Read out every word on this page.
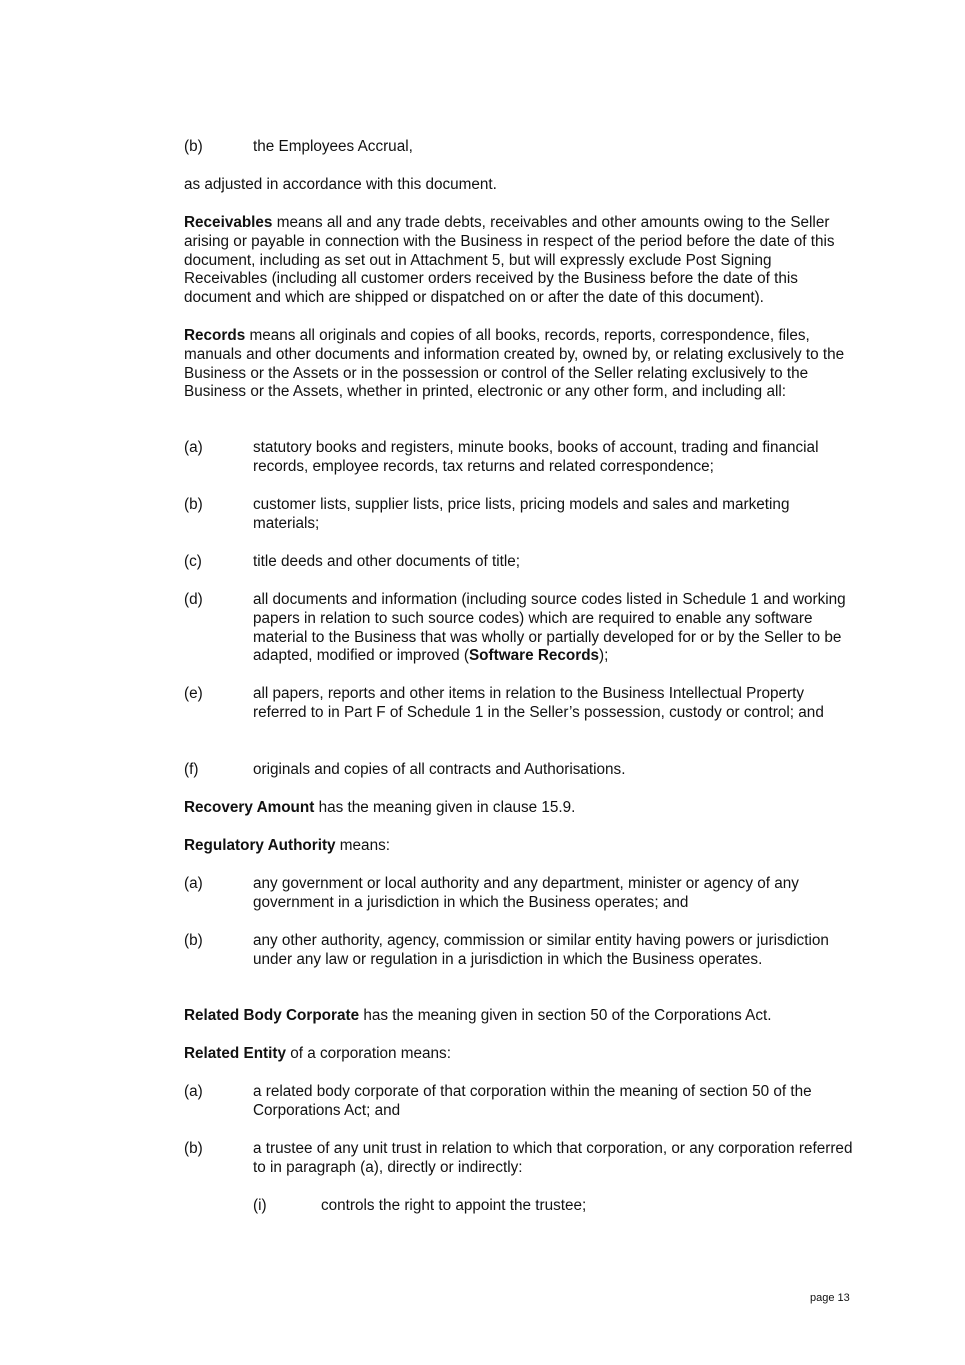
(b)	the Employees Accrual,

as adjusted in accordance with this document.

Receivables means all and any trade debts, receivables and other amounts owing to the Seller arising or payable in connection with the Business in respect of the period before the date of this document, including as set out in Attachment 5, but will expressly exclude Post Signing Receivables (including all customer orders received by the Business before the date of this document and which are shipped or dispatched on or after the date of this document).

Records means all originals and copies of all books, records, reports, correspondence, files, manuals and other documents and information created by, owned by, or relating exclusively to the Business or the Assets or in the possession or control of the Seller relating exclusively to the Business or the Assets, whether in printed, electronic or any other form, and including all:

(a)	statutory books and registers, minute books, books of account, trading and financial records, employee records, tax returns and related correspondence;
(b)	customer lists, supplier lists, price lists, pricing models and sales and marketing materials;
(c)	title deeds and other documents of title;
(d)	all documents and information (including source codes listed in Schedule 1 and working papers in relation to such source codes) which are required to enable any software material to the Business that was wholly or partially developed for or by the Seller to be adapted, modified or improved (Software Records);
(e)	all papers, reports and other items in relation to the Business Intellectual Property referred to in Part F of Schedule 1 in the Seller’s possession, custody or control; and
(f)	originals and copies of all contracts and Authorisations.

Recovery Amount has the meaning given in clause 15.9.

Regulatory Authority means:

(a)	any government or local authority and any department, minister or agency of any government in a jurisdiction in which the Business operates; and
(b)	any other authority, agency, commission or similar entity having powers or jurisdiction under any law or regulation in a jurisdiction in which the Business operates.

Related Body Corporate has the meaning given in section 50 of the Corporations Act.

Related Entity of a corporation means:

(a)	a related body corporate of that corporation within the meaning of section 50 of the Corporations Act; and
(b)	a trustee of any unit trust in relation to which that corporation, or any corporation referred to in paragraph (a), directly or indirectly:
(i)	controls the right to appoint the trustee;
page 13
